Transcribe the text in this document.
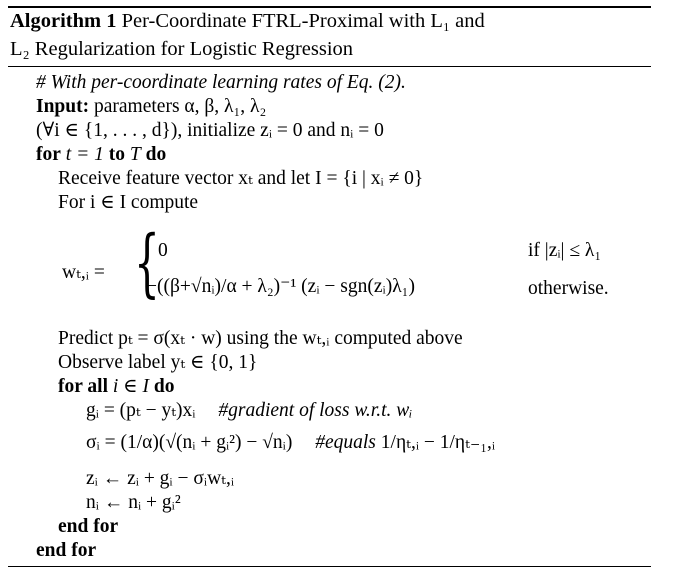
Algorithm 1 Per-Coordinate FTRL-Proximal with L₁ and
L₂ Regularization for Logistic Regression
# With per-coordinate learning rates of Eq. (2).
Input: parameters α, β, λ₁, λ₂
(∀i ∈ {1, . . . , d}), initialize zᵢ = 0 and nᵢ = 0
for t = 1 to T do
Receive feature vector xₜ and let I = {i | xᵢ ≠ 0}
For i ∈ I compute
wₜ,ᵢ = {
0	if |zᵢ| ≤ λ₁
−((β+√nᵢ)/α + λ₂)⁻¹ (zᵢ − sgn(zᵢ)λ₁)	otherwise.
Predict pₜ = σ(xₜ · w) using the wₜ,ᵢ computed above
Observe label yₜ ∈ {0, 1}
for all i ∈ I do
gᵢ = (pₜ − yₜ)xᵢ #gradient of loss w.r.t. wᵢ
σᵢ = (1/α)(√(nᵢ + gᵢ²) − √nᵢ) #equals 1/ηₜ,ᵢ − 1/ηₜ₋₁,ᵢ
zᵢ ← zᵢ + gᵢ − σᵢwₜ,ᵢ
nᵢ ← nᵢ + gᵢ²
end for
end for
